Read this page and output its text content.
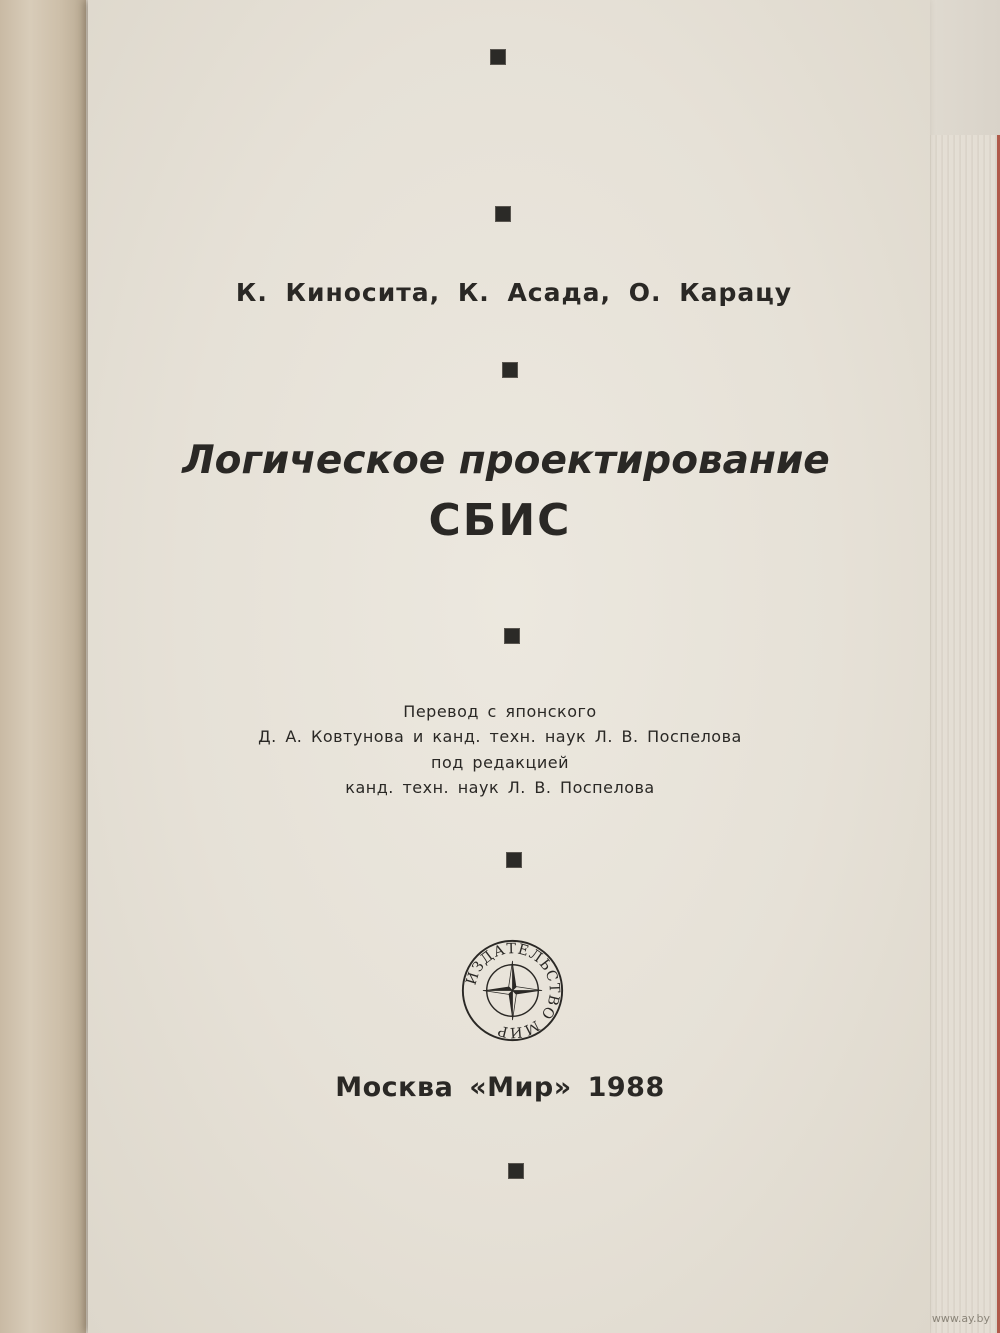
К. Киносита, К. Асада, О. Карацу
Логическое проектирование
СБИС
Перевод с японского
Д. А. Ковтунова и канд. техн. наук Л. В. Поспелова
под редакцией
канд. техн. наук Л. В. Поспелова
ИЗДАТЕЛЬСТВО МИР
Москва «Мир» 1988
www.ay.by
